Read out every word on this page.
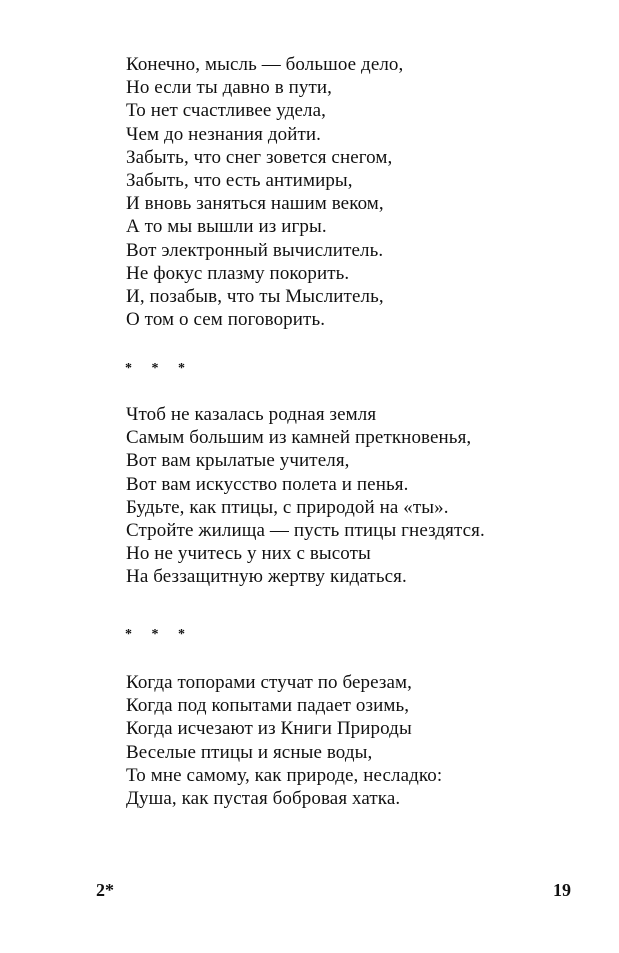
Конечно, мысль — большое дело,
Но если ты давно в пути,
То нет счастливее удела,
Чем до незнания дойти.
Забыть, что снег зовется снегом,
Забыть, что есть антимиры,
И вновь заняться нашим веком,
А то мы вышли из игры.
Вот электронный вычислитель.
Не фокус плазму покорить.
И, позабыв, что ты Мыслитель,
О том о сем поговорить.
* * *
Чтоб не казалась родная земля
Самым большим из камней преткновенья,
Вот вам крылатые учителя,
Вот вам искусство полета и пенья.
Будьте, как птицы, с природой на «ты».
Стройте жилища — пусть птицы гнездятся.
Но не учитесь у них с высоты
На беззащитную жертву кидаться.
* * *
Когда топорами стучат по березам,
Когда под копытами падает озимь,
Когда исчезают из Книги Природы
Веселые птицы и ясные воды,
То мне самому, как природе, несладко:
Душа, как пустая бобровая хатка.
2*	19
